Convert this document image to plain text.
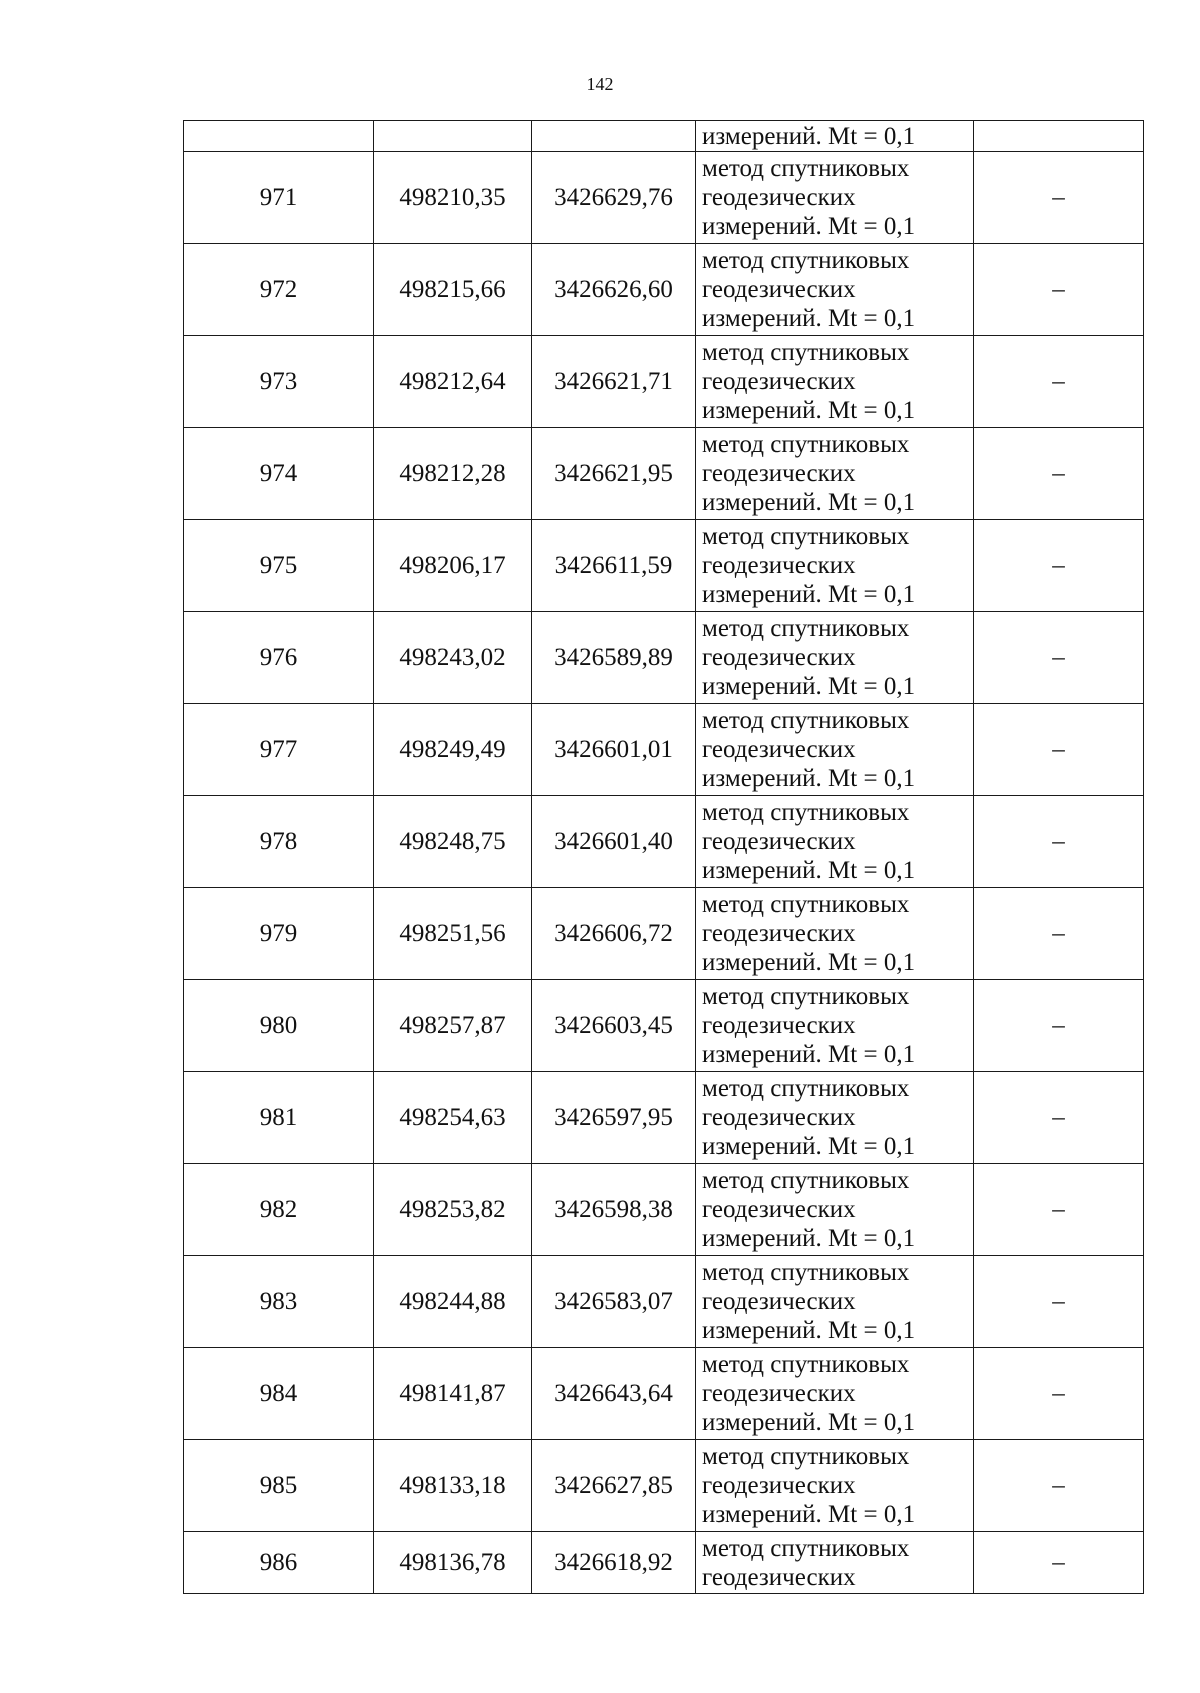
142

			измерений. Mt = 0,1	

971	498210,35	3426629,76	метод спутниковых
геодезических
измерений. Mt = 0,1	–
972	498215,66	3426626,60	метод спутниковых
геодезических
измерений. Mt = 0,1	–
973	498212,64	3426621,71	метод спутниковых
геодезических
измерений. Mt = 0,1	–
974	498212,28	3426621,95	метод спутниковых
геодезических
измерений. Mt = 0,1	–
975	498206,17	3426611,59	метод спутниковых
геодезических
измерений. Mt = 0,1	–
976	498243,02	3426589,89	метод спутниковых
геодезических
измерений. Mt = 0,1	–
977	498249,49	3426601,01	метод спутниковых
геодезических
измерений. Mt = 0,1	–
978	498248,75	3426601,40	метод спутниковых
геодезических
измерений. Mt = 0,1	–
979	498251,56	3426606,72	метод спутниковых
геодезических
измерений. Mt = 0,1	–
980	498257,87	3426603,45	метод спутниковых
геодезических
измерений. Mt = 0,1	–
981	498254,63	3426597,95	метод спутниковых
геодезических
измерений. Mt = 0,1	–
982	498253,82	3426598,38	метод спутниковых
геодезических
измерений. Mt = 0,1	–
983	498244,88	3426583,07	метод спутниковых
геодезических
измерений. Mt = 0,1	–
984	498141,87	3426643,64	метод спутниковых
геодезических
измерений. Mt = 0,1	–
985	498133,18	3426627,85	метод спутниковых
геодезических
измерений. Mt = 0,1	–
986	498136,78	3426618,92	метод спутниковых
геодезических	–
